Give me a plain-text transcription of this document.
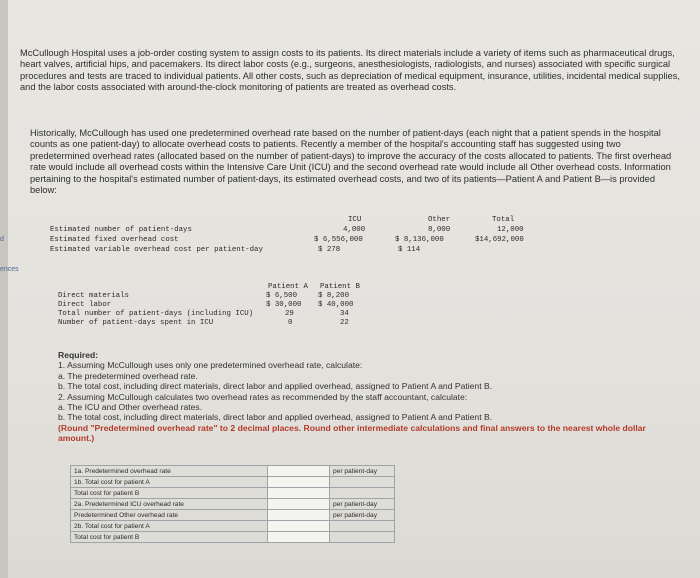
d
ences

McCullough Hospital uses a job-order costing system to assign costs to its patients. Its direct materials include a variety of items such as pharmaceutical drugs, heart valves, artificial hips, and pacemakers. Its direct labor costs (e.g., surgeons, anesthesiologists, radiologists, and nurses) associated with specific surgical procedures and tests are traced to individual patients. All other costs, such as depreciation of medical equipment, insurance, utilities, incidental medical supplies, and the labor costs associated with around-the-clock monitoring of patients are treated as overhead costs.

Historically, McCullough has used one predetermined overhead rate based on the number of patient-days (each night that a patient spends in the hospital counts as one patient-day) to allocate overhead costs to patients. Recently a member of the hospital's accounting staff has suggested using two predetermined overhead rates (allocated based on the number of patient-days) to improve the accuracy of the costs allocated to patients. The first overhead rate would include all overhead costs within the Intensive Care Unit (ICU) and the second overhead rate would include all Other overhead costs. Information pertaining to the hospital's estimated number of patient-days, its estimated overhead costs, and two of its patients—Patient A and Patient B—is provided below:

ICU	Other	Total
Estimated number of patient-days	4,000	8,000	12,000
Estimated fixed overhead cost	$ 6,556,000	$ 8,136,000	$14,692,000
Estimated variable overhead cost per patient-day	$ 278	$ 114
Patient A Patient B
Direct materials	$ 6,500	$ 8,200
Direct labor	$ 30,000 $ 40,000
Total number of patient-days (including ICU)	29	34
Number of patient-days spent in ICU	0	22
Required:
1. Assuming McCullough uses only one predetermined overhead rate, calculate:
a. The predetermined overhead rate.
b. The total cost, including direct materials, direct labor and applied overhead, assigned to Patient A and Patient B.
2. Assuming McCullough calculates two overhead rates as recommended by the staff accountant, calculate:
a. The ICU and Other overhead rates.
b. The total cost, including direct materials, direct labor and applied overhead, assigned to Patient A and Patient B.
(Round "Predetermined overhead rate" to 2 decimal places. Round other intermediate calculations and final answers to the nearest whole dollar amount.)
1a. Predetermined overhead rate		per patient-day
1b. Total cost for patient A		
Total cost for patient B		
2a. Predetermined ICU overhead rate		per patient-day
Predetermined Other overhead rate		per patient-day
2b. Total cost for patient A		
Total cost for patient B		
